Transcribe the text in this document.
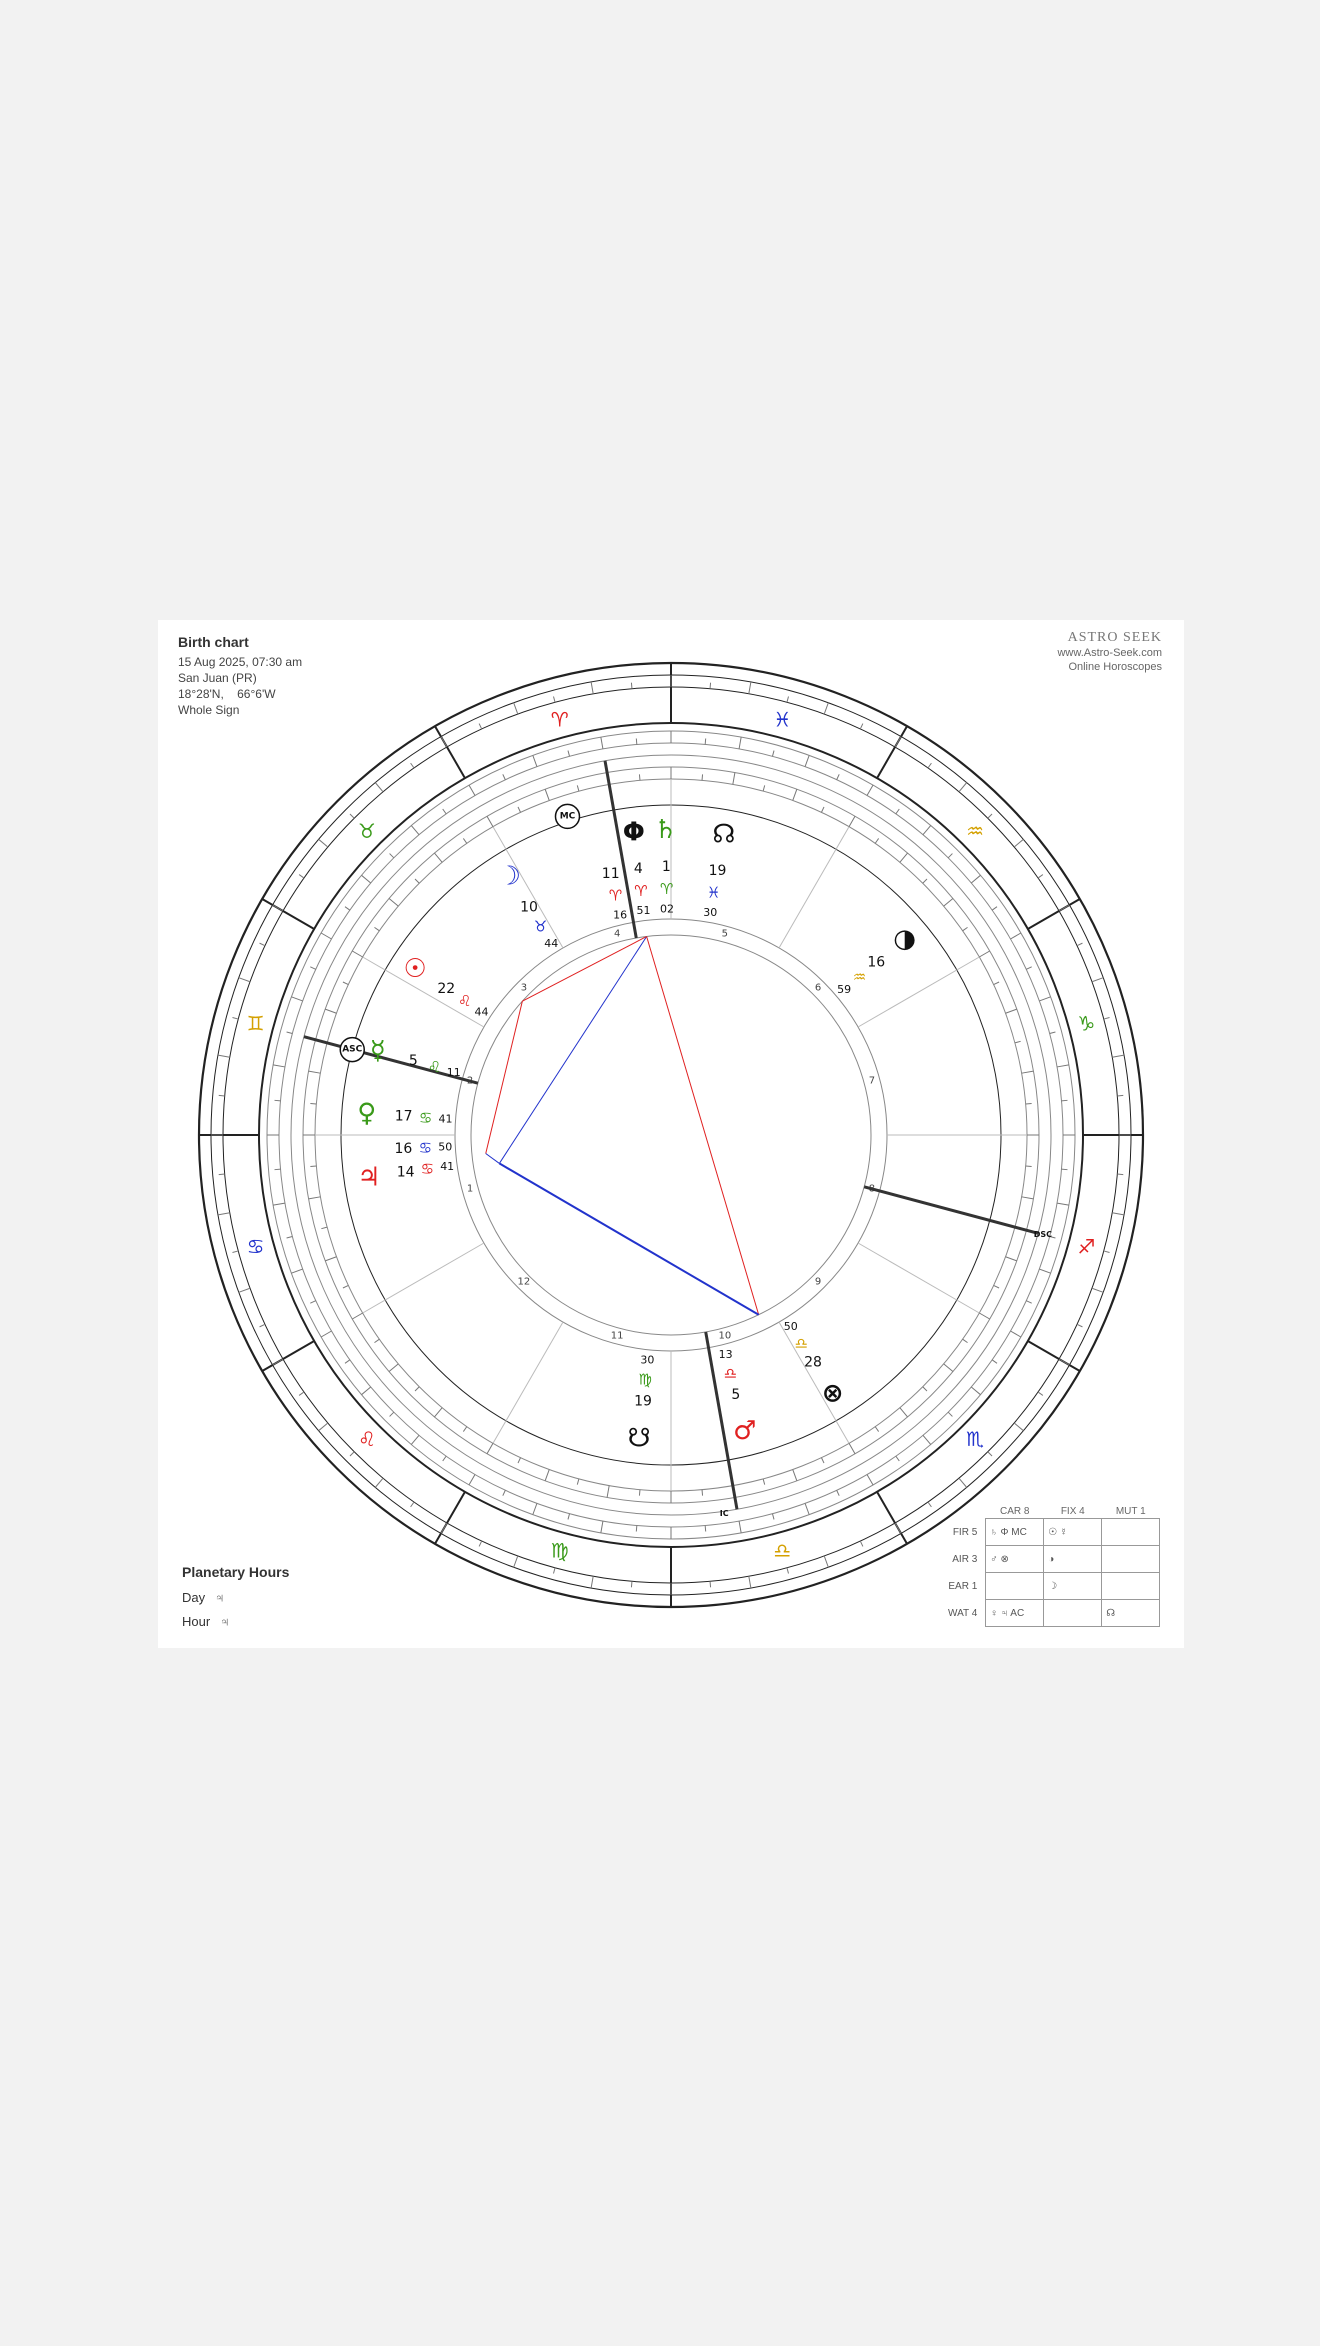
Birth chart
15 Aug 2025, 07:30 am
San Juan (PR)
18°28'N,    66°6'W
Whole Sign
ASTRO SEEK
www.Astro-Seek.com
Online Horoscopes
♈
♉
♊
♋
♌
♍	♎
♏
♐
♑
♒
♓
1
3
4	5
6
7
9
10
11
12
ASC
MC
DSC
IC
♃ 14 ♋ 41
16 ♋ 50
♀ 17 ♋ 41
☿ 5 ♌ 11
☉
22
♌
44
☋
19
♍
30
♂
5
♎
13
⊗
28
♎
50
◑
16
♒
59
☊
19
♓
30
♄
1
♈
02
Φ
4
♈
51
11
♈
16
☽
10
♉
44
Planetary Hours
Day ♃
Hour ♃
	CAR 8	FIX 4	MUT 1
FIR 5	♄ Φ MC	☉ ☿	
AIR 3	♂ ⊗	◑	
EAR 1		☽	
WAT 4	♀ ♃ AC		☊
